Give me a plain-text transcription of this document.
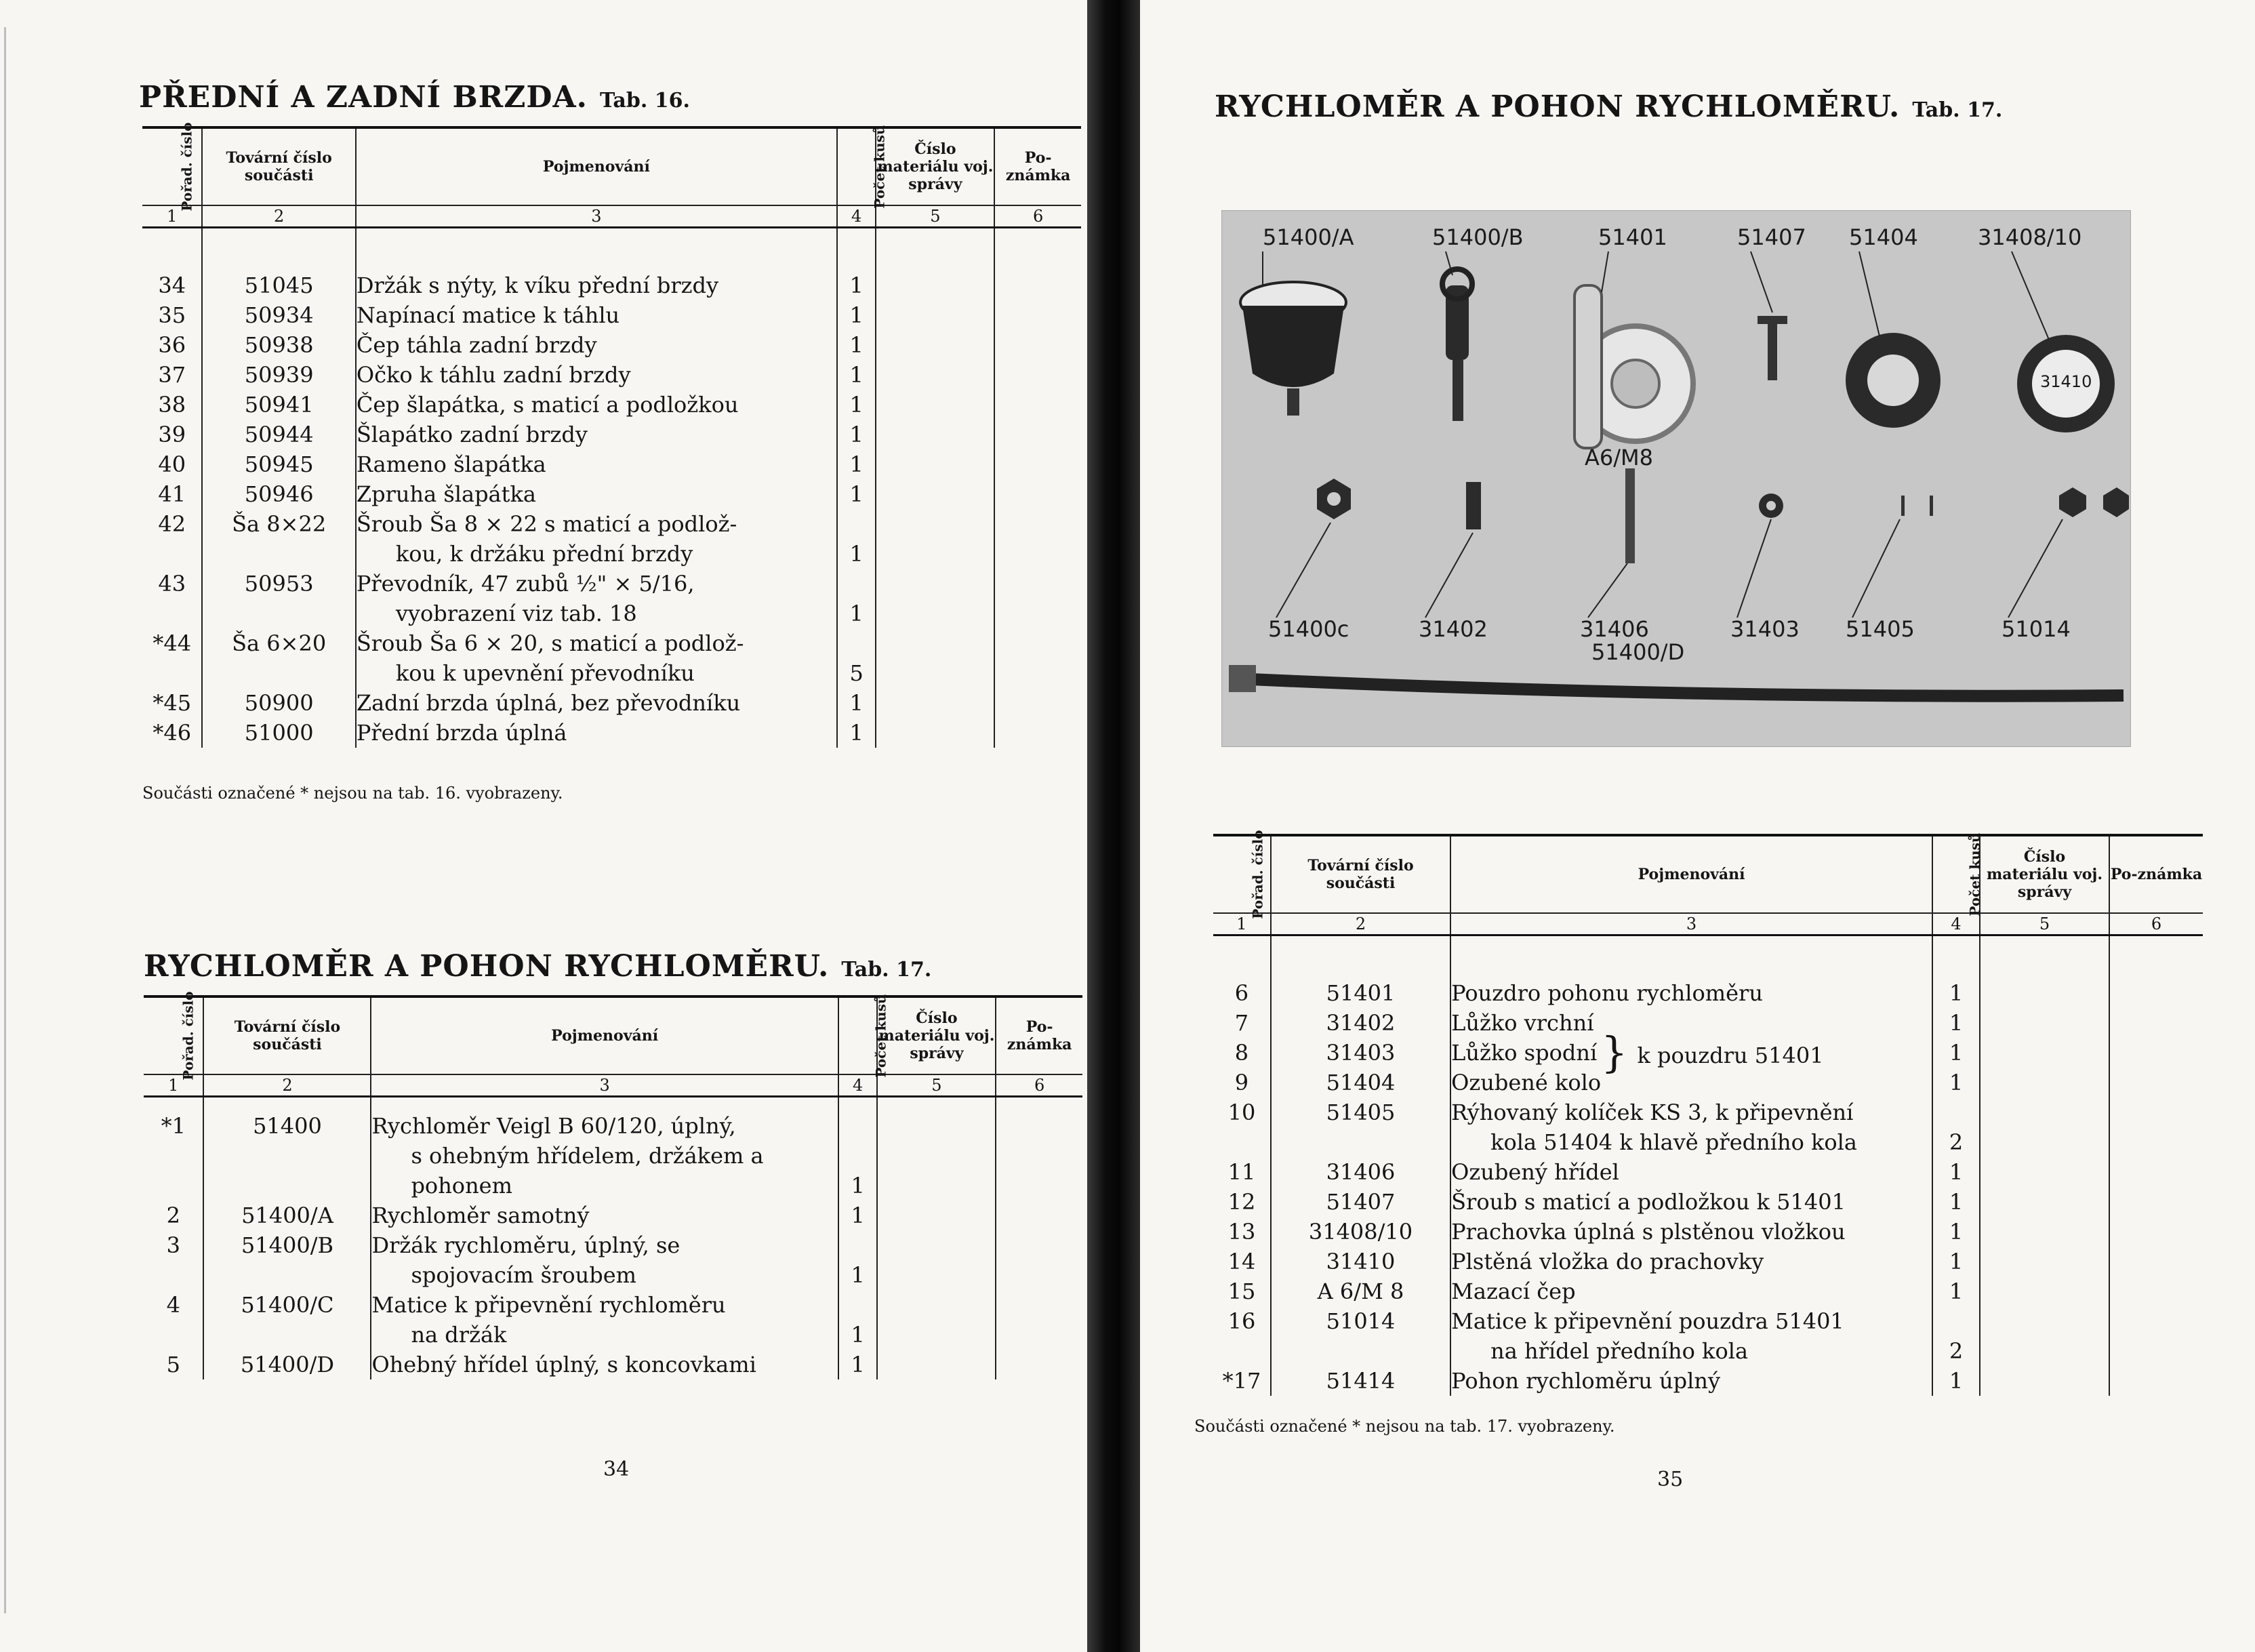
PŘEDNÍ A ZADNÍ BRZDA. Tab. 16.
Pořad. číslo	Tovární číslo součásti	Pojmenování	Počet kusů	Číslo materiálu voj. správy	Po-známka
1	2	3	4	5	6

34	51045	Držák s nýty, k víku přední brzdy	1		
35	50934	Napínací matice k táhlu	1		
36	50938	Čep táhla zadní brzdy	1		
37	50939	Očko k táhlu zadní brzdy	1		
38	50941	Čep šlapátka, s maticí a podložkou	1		
39	50944	Šlapátko zadní brzdy	1		
40	50945	Rameno šlapátka	1		
41	50946	Zpruha šlapátka	1		
42	Ša 8×22	Šroub Ša 8 × 22 s maticí a podlož-			
		kou, k držáku přední brzdy	1		
43	50953	Převodník, 47 zubů ½" × 5/16,			
		vyobrazení viz tab. 18	1		
*44	Ša 6×20	Šroub Ša 6 × 20, s maticí a podlož-			
		kou k upevnění převodníku	5		
*45	50900	Zadní brzda úplná, bez převodníku	1		
*46	51000	Přední brzda úplná	1		
Součásti označené * nejsou na tab. 16. vyobrazeny.
RYCHLOMĚR A POHON RYCHLOMĚRU. Tab. 17.
Pořad. číslo	Tovární číslo součásti	Pojmenování	Počet kusů	Číslo materiálu voj. správy	Po-známka
1	2	3	4	5	6

*1	51400	Rychloměr Veigl B 60/120, úplný,			
		s ohebným hřídelem, držákem a			
		pohonem	1		
2	51400/A	Rychloměr samotný	1		
3	51400/B	Držák rychloměru, úplný, se			
		spojovacím šroubem	1		
4	51400/C	Matice k připevnění rychloměru			
		na držák	1		
5	51400/D	Ohebný hřídel úplný, s koncovkami	1		
34
RYCHLOMĚR A POHON RYCHLOMĚRU. Tab. 17.
51400/A	51400/B	51401	51407 51404	31408/10
31410
A6/M8
51400c	31402	31406	31403 51405	51014
51400/D
Pořad. číslo	Tovární číslo součásti	Pojmenování	Počet kusů	Číslo materiálu voj. správy	Po-známka
1	2	3	4	5	6

6	51401	Pouzdro pohonu rychloměru	1		
7	31402	Lůžko vrchní	1		
8	31403	Lůžko spodní	1		
9	51404	Ozubené kolo	1		
10	51405	Rýhovaný kolíček KS 3, k připevnění			
		kola 51404 k hlavě předního kola	2		
11	31406	Ozubený hřídel	1		
12	51407	Šroub s maticí a podložkou k 51401	1		
13	31408/10	Prachovka úplná s plstěnou vložkou	1		
14	31410	Plstěná vložka do prachovky	1		
15	A 6/M 8	Mazací čep	1		
16	51014	Matice k připevnění pouzdra 51401			
		na hřídel předního kola	2		
*17	51414	Pohon rychloměru úplný	1		
} k pouzdru 51401
Součásti označené * nejsou na tab. 17. vyobrazeny.
35
